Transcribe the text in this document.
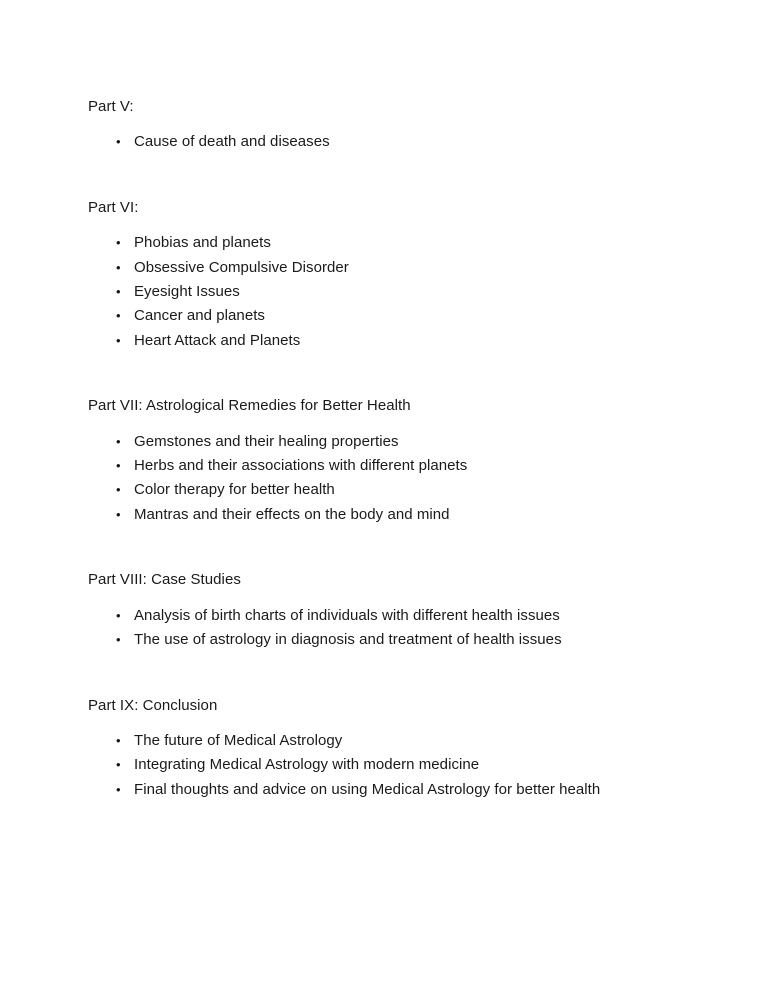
Part V:
• Cause of death and diseases
Part VI:
• Phobias and planets
• Obsessive Compulsive Disorder
• Eyesight Issues
• Cancer and planets
• Heart Attack and Planets
Part VII: Astrological Remedies for Better Health
• Gemstones and their healing properties
• Herbs and their associations with different planets
• Color therapy for better health
• Mantras and their effects on the body and mind
Part VIII: Case Studies
• Analysis of birth charts of individuals with different health issues
• The use of astrology in diagnosis and treatment of health issues
Part IX: Conclusion
• The future of Medical Astrology
• Integrating Medical Astrology with modern medicine
• Final thoughts and advice on using Medical Astrology for better health
